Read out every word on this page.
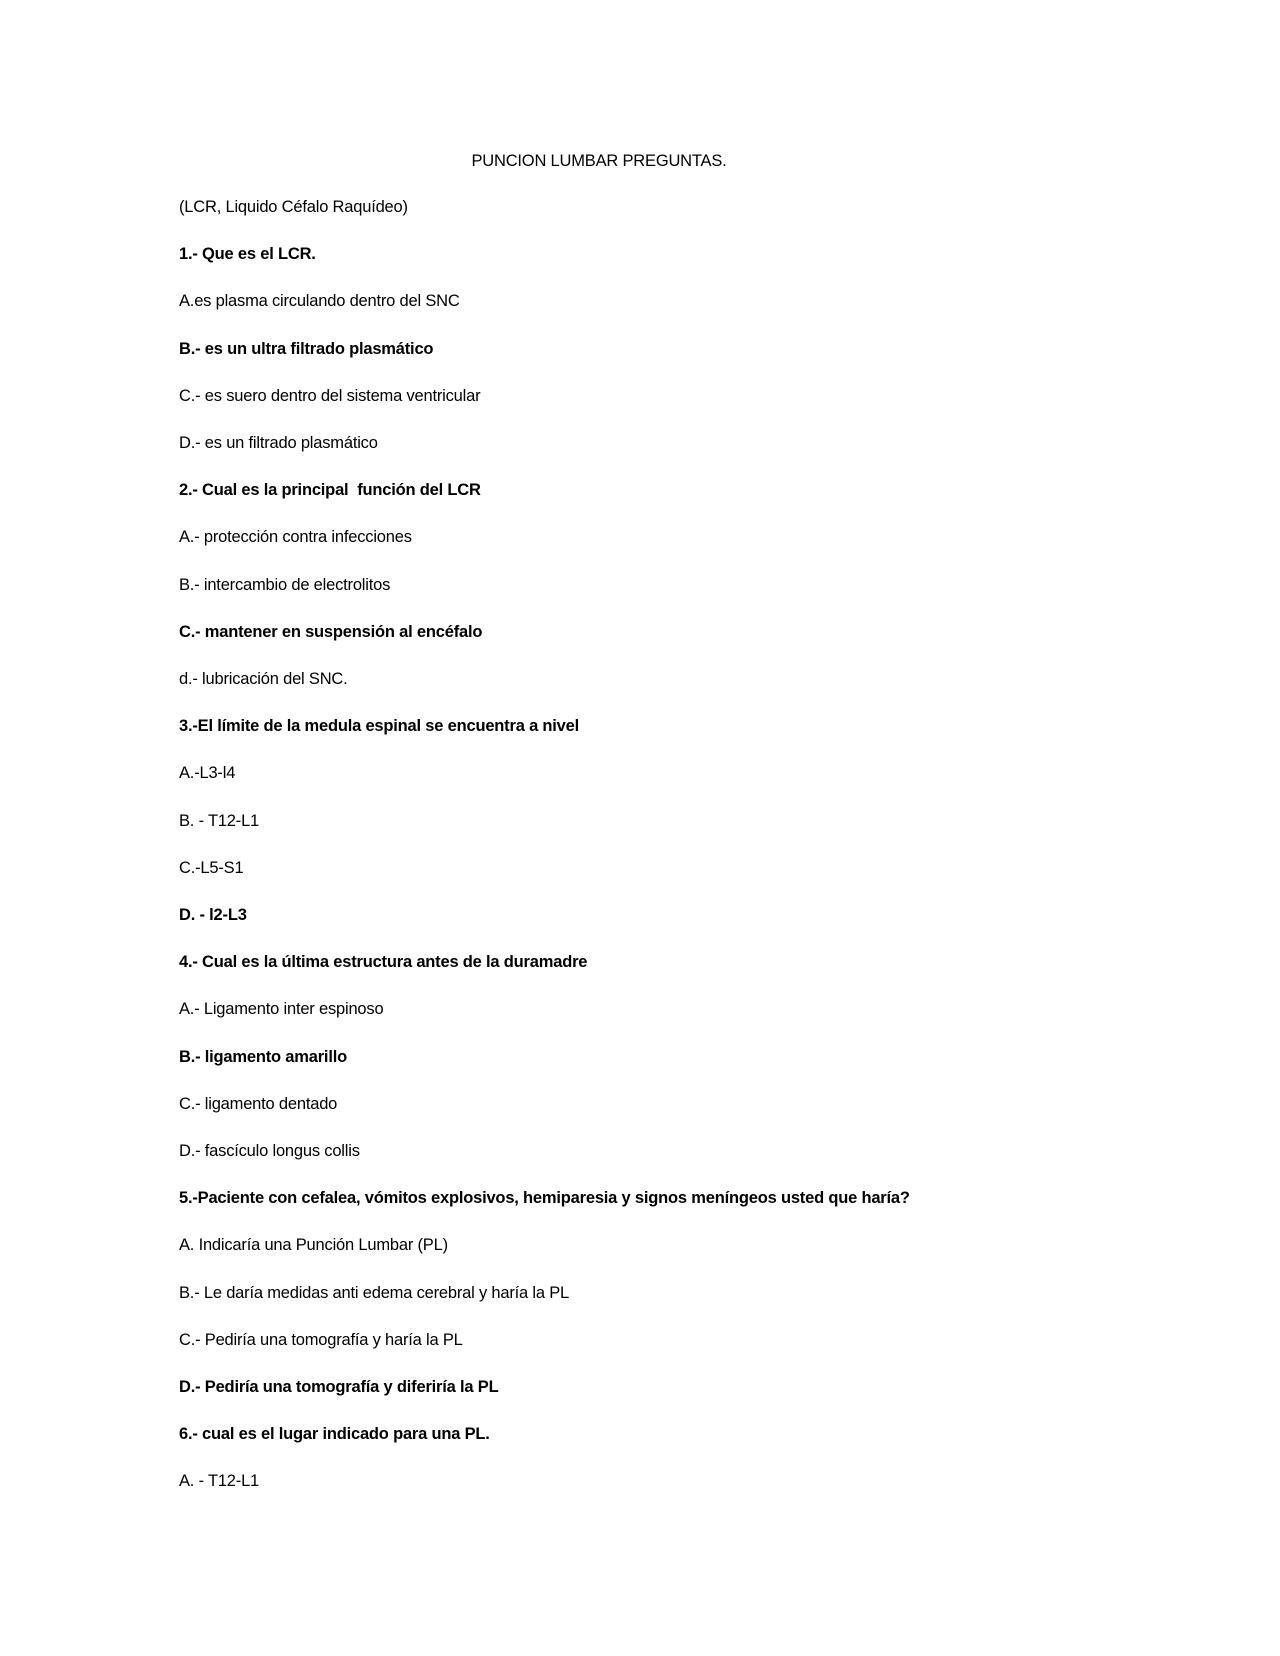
PUNCION LUMBAR PREGUNTAS.
(LCR, Liquido Céfalo Raquídeo)
1.- Que es el LCR.
A.es plasma circulando dentro del SNC
B.- es un ultra filtrado plasmático
C.- es suero dentro del sistema ventricular
D.- es un filtrado plasmático
2.- Cual es la principal  función del LCR
A.- protección contra infecciones
B.- intercambio de electrolitos
C.- mantener en suspensión al encéfalo
d.- lubricación del SNC.
3.-El límite de la medula espinal se encuentra a nivel
A.-L3-l4
B. - T12-L1
C.-L5-S1
D. - l2-L3
4.- Cual es la última estructura antes de la duramadre
A.- Ligamento inter espinoso
B.- ligamento amarillo
C.- ligamento dentado
D.- fascículo longus collis
5.-Paciente con cefalea, vómitos explosivos, hemiparesia y signos meníngeos usted que haría?
A. Indicaría una Punción Lumbar (PL)
B.- Le daría medidas anti edema cerebral y haría la PL
C.- Pediría una tomografía y haría la PL
D.- Pediría una tomografía y diferiría la PL
6.- cual es el lugar indicado para una PL.
A. - T12-L1
